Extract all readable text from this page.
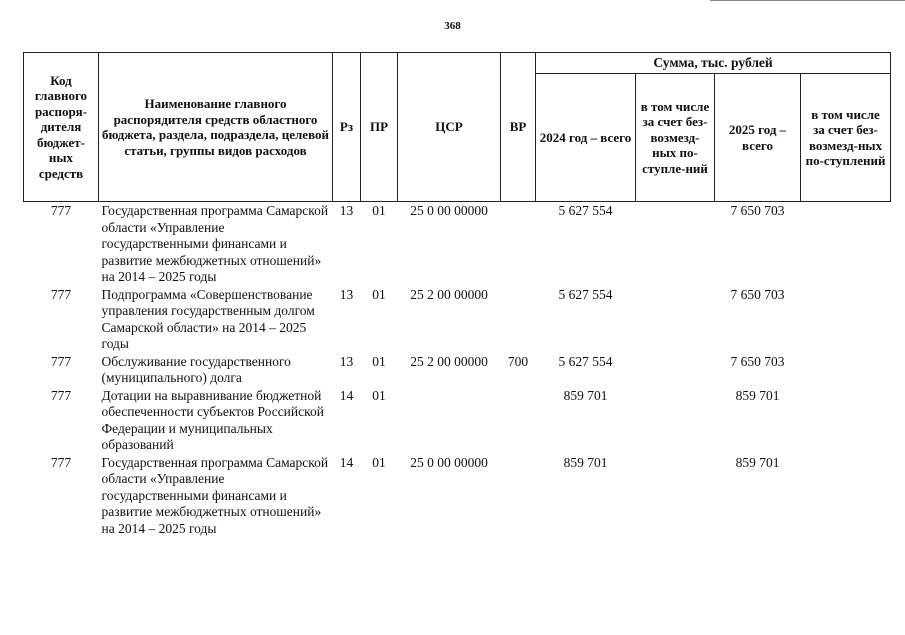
368
Код главного распоря-дителя бюджет-ных средств	Наименование главного распорядителя средств областного бюджета, раздела, подраздела, целевой статьи, группы видов расходов	Рз	ПР	ЦСР	ВР	Сумма, тыс. рублей			
						2024 год – всего	в том числе за счет без-возмезд-ных по-ступле-ний	2025 год – всего	в том числе за счет без-возмезд-ных по-ступлений
777	Государственная программа Самарской области «Управление государственными финансами и развитие межбюджетных отношений» на 2014 – 2025 годы	13	01	25 0 00 00000		5 627 554		7 650 703	
777	Подпрограмма «Совершенствование управления государственным долгом Самарской области» на 2014 – 2025 годы	13	01	25 2 00 00000		5 627 554		7 650 703	
777	Обслуживание государственного (муниципального) долга	13	01	25 2 00 00000	700	5 627 554		7 650 703	
777	Дотации на выравнивание бюджетной обеспеченности субъектов Российской Федерации и муниципальных образований	14	01			859 701		859 701	
777	Государственная программа Самарской области «Управление государственными финансами и развитие межбюджетных отношений» на 2014 – 2025 годы	14	01	25 0 00 00000		859 701		859 701	
